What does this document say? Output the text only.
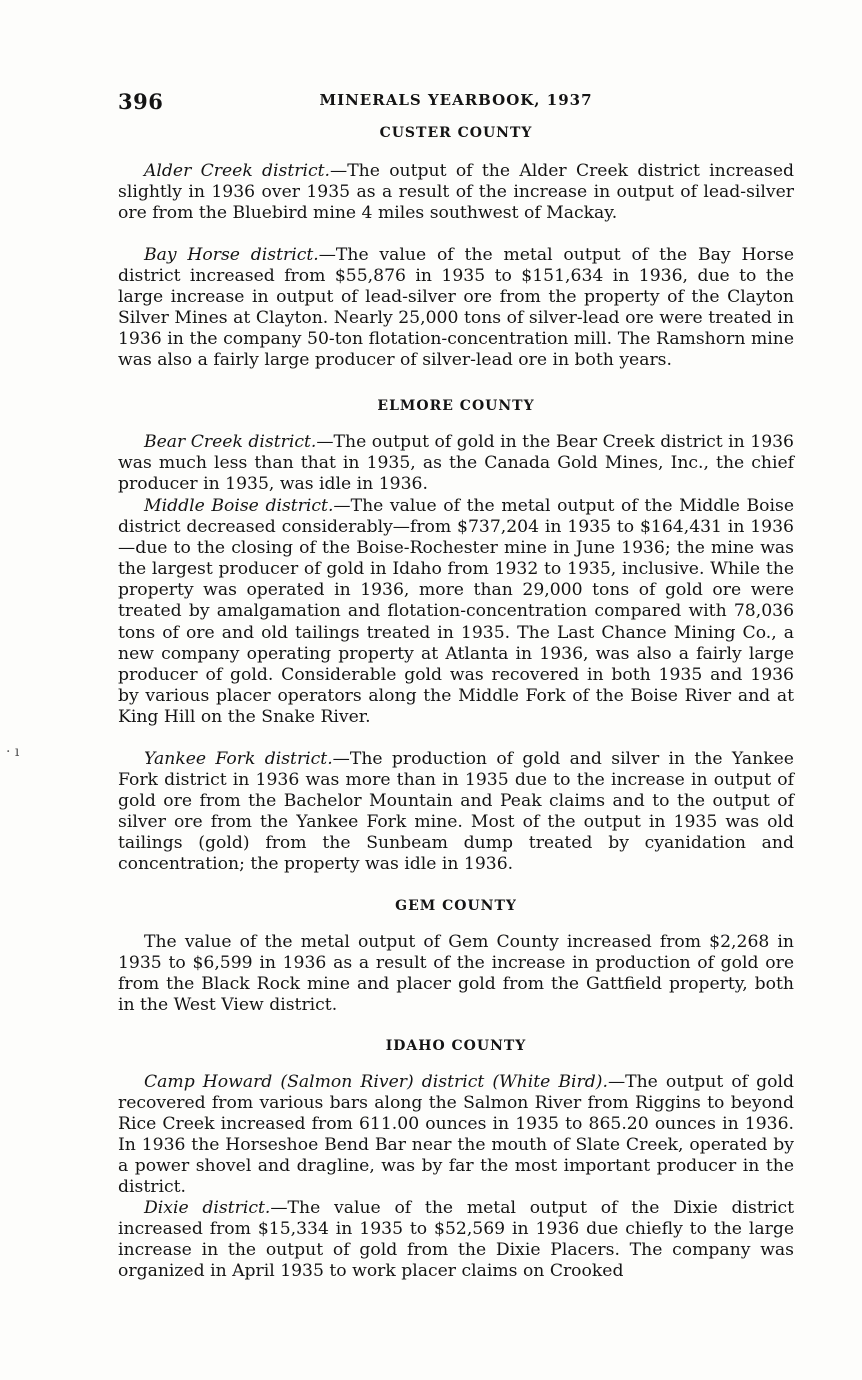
396	MINERALS YEARBOOK, 1937
· ı
CUSTER COUNTY

Alder Creek district.—The output of the Alder Creek district increased slightly in 1936 over 1935 as a result of the increase in output of lead-silver ore from the Bluebird mine 4 miles southwest of Mackay.

Bay Horse district.—The value of the metal output of the Bay Horse district increased from $55,876 in 1935 to $151,634 in 1936, due to the large increase in output of lead-silver ore from the property of the Clayton Silver Mines at Clayton. Nearly 25,000 tons of silver-lead ore were treated in 1936 in the company 50-ton flotation-concentration mill. The Ramshorn mine was also a fairly large producer of silver-lead ore in both years.

ELMORE COUNTY

Bear Creek district.—The output of gold in the Bear Creek district in 1936 was much less than that in 1935, as the Canada Gold Mines, Inc., the chief producer in 1935, was idle in 1936.

Middle Boise district.—The value of the metal output of the Middle Boise district decreased considerably—from $737,204 in 1935 to $164,431 in 1936—due to the closing of the Boise-Rochester mine in June 1936; the mine was the largest producer of gold in Idaho from 1932 to 1935, inclusive. While the property was operated in 1936, more than 29,000 tons of gold ore were treated by amalgamation and flotation-concentration compared with 78,036 tons of ore and old tailings treated in 1935. The Last Chance Mining Co., a new company operating property at Atlanta in 1936, was also a fairly large producer of gold. Considerable gold was recovered in both 1935 and 1936 by various placer operators along the Middle Fork of the Boise River and at King Hill on the Snake River.

Yankee Fork district.—The production of gold and silver in the Yankee Fork district in 1936 was more than in 1935 due to the increase in output of gold ore from the Bachelor Mountain and Peak claims and to the output of silver ore from the Yankee Fork mine. Most of the output in 1935 was old tailings (gold) from the Sunbeam dump treated by cyanidation and concentration; the property was idle in 1936.

GEM COUNTY

The value of the metal output of Gem County increased from $2,268 in 1935 to $6,599 in 1936 as a result of the increase in production of gold ore from the Black Rock mine and placer gold from the Gattfield property, both in the West View district.

IDAHO COUNTY

Camp Howard (Salmon River) district (White Bird).—The output of gold recovered from various bars along the Salmon River from Riggins to beyond Rice Creek increased from 611.00 ounces in 1935 to 865.20 ounces in 1936. In 1936 the Horseshoe Bend Bar near the mouth of Slate Creek, operated by a power shovel and dragline, was by far the most important producer in the district.

Dixie district.—The value of the metal output of the Dixie district increased from $15,334 in 1935 to $52,569 in 1936 due chiefly to the large increase in the output of gold from the Dixie Placers. The company was organized in April 1935 to work placer claims on Crooked
